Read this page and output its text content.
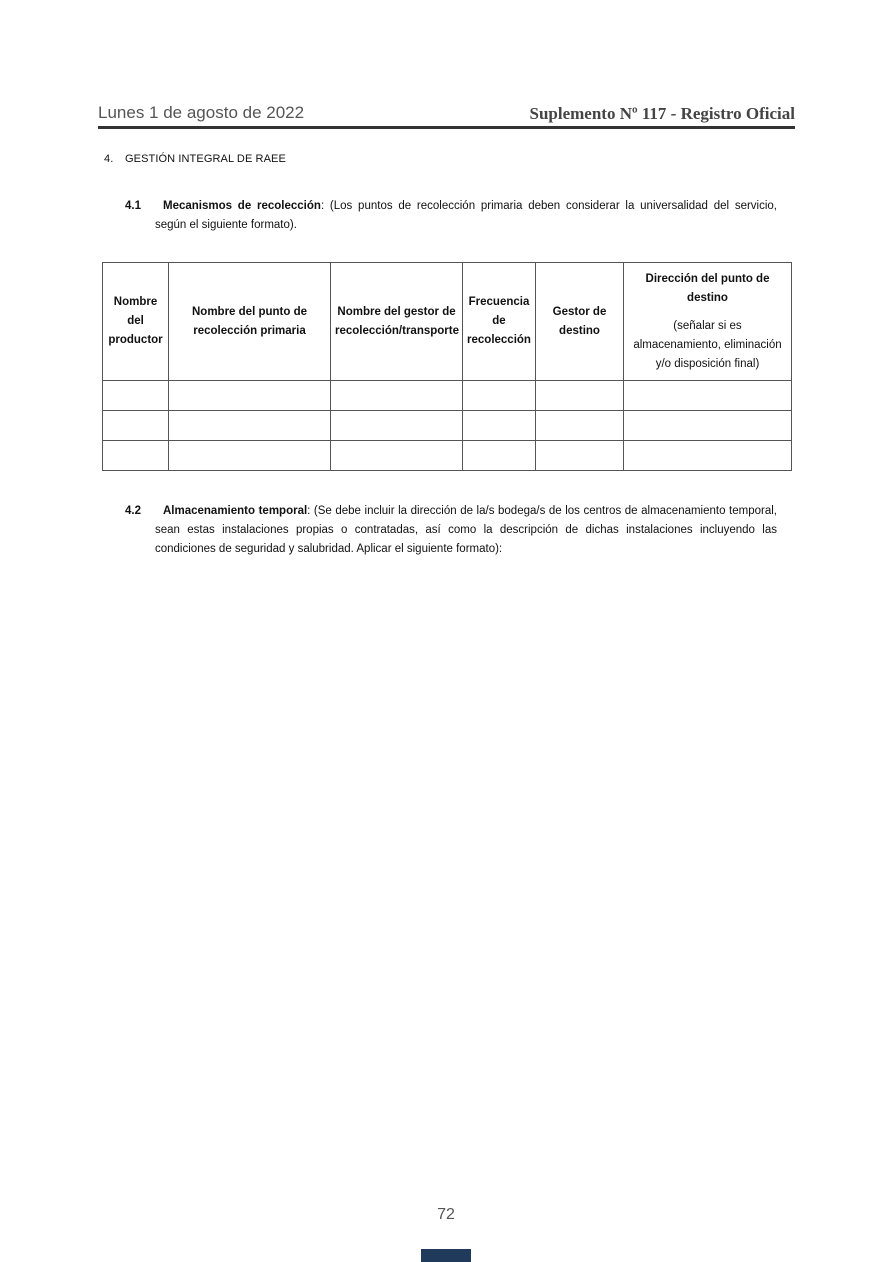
Lunes 1 de agosto de 2022	Suplemento Nº 117 - Registro Oficial
4. GESTIÓN INTEGRAL DE RAEE
4.1 Mecanismos de recolección: (Los puntos de recolección primaria deben considerar la universalidad del servicio, según el siguiente formato).
Nombre del productor	Nombre del punto de recolección primaria	Nombre del gestor de recolección/transporte	Frecuencia de recolección	Gestor de destino	Dirección del punto de destino
(señalar si es almacenamiento, eliminación y/o disposición final)

4.2 Almacenamiento temporal: (Se debe incluir la dirección de la/s bodega/s de los centros de almacenamiento temporal, sean estas instalaciones propias o contratadas, así como la descripción de dichas instalaciones incluyendo las condiciones de seguridad y salubridad. Aplicar el siguiente formato):
72
